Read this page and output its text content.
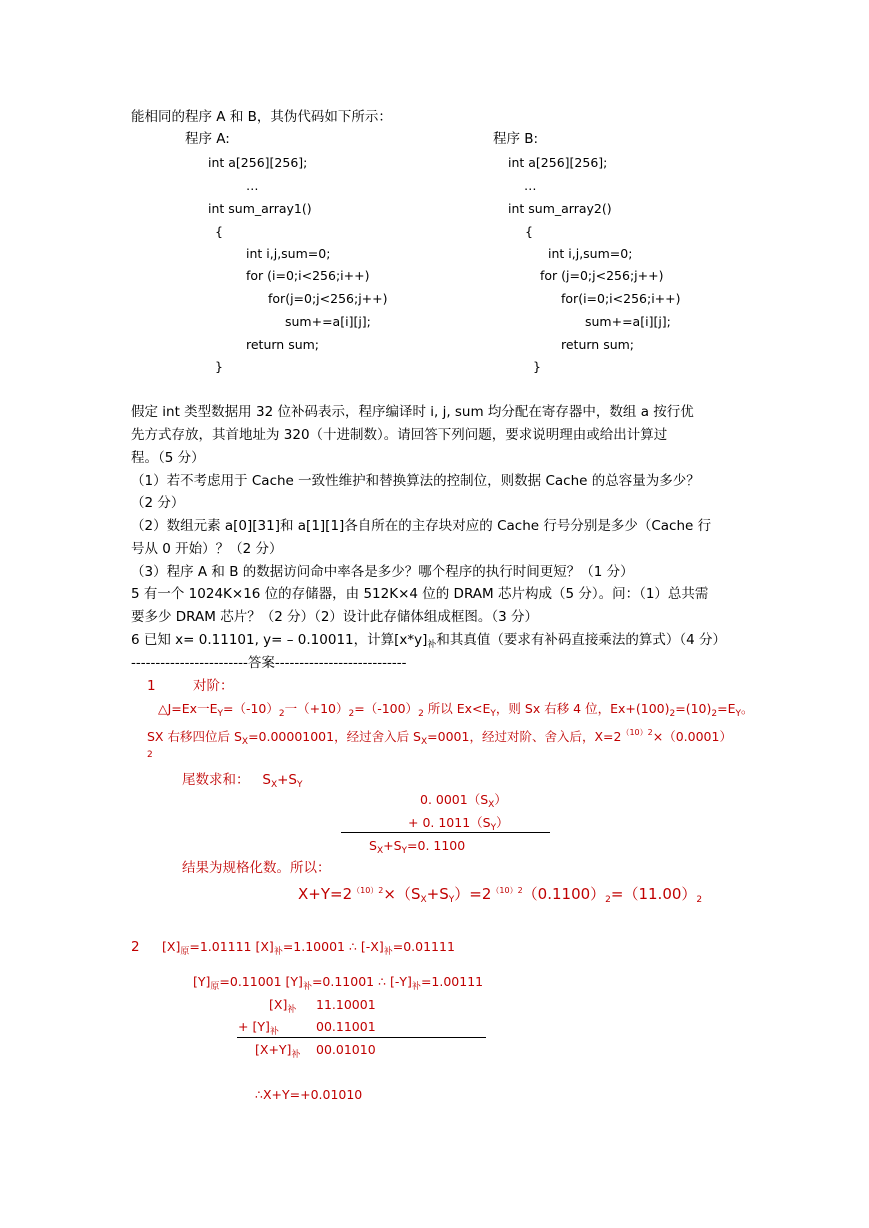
能相同的程序 A 和 B，其伪代码如下所示：
程序 A:
int a[256][256];
…
int sum_array1()
{
int i,j,sum=0;
for (i=0;i<256;i++)
for(j=0;j<256;j++)
sum+=a[i][j];
return sum;
}
程序 B:
int a[256][256];
…
int sum_array2()
{
int i,j,sum=0;
for (j=0;j<256;j++)
for(i=0;i<256;i++)
sum+=a[i][j];
return sum;
}
假定 int 类型数据用 32 位补码表示，程序编译时 i, j, sum 均分配在寄存器中，数组 a 按行优
先方式存放，其首地址为 320（十进制数）。请回答下列问题，要求说明理由或给出计算过
程。（5 分）
（1）若不考虑用于 Cache 一致性维护和替换算法的控制位，则数据 Cache 的总容量为多少？
（2 分）
（2）数组元素 a[0][31]和 a[1][1]各自所在的主存块对应的 Cache 行号分别是多少（Cache 行
号从 0 开始）？（2 分）
（3）程序 A 和 B 的数据访问命中率各是多少？哪个程序的执行时间更短？（1 分）
5 有一个 1024K×16 位的存储器，由 512K×4 位的 DRAM 芯片构成（5 分）。问：（1）总共需
要多少 DRAM 芯片？（2 分）（2）设计此存储体组成框图。（3 分）
6 已知 x= 0.11101, y= – 0.10011，计算$[x*y]_补$和其真值（要求有补码直接乘法的算式）（4 分）
------------------------答案---------------------------
1	对阶：
△J=Ex一$E_Y=(-10)_2$一$(+10)_2=(-100)_2$ 所以 $Ex<E_Y$，则 Sx 右移 4 位，$Ex+(100)_2=(10)_2=E_Y$。
SX 右移四位后 $S_X=0.00001001$，经过舍入后 $S_X=0001$，经过对阶、舍入后，$X=2^{(10)2}\times(0.0001)$
2
尾数求和： $S_X+S_Y$
0. $0001(S_X)$
+ 0. $1011(S_Y)$
$S_X+S_Y=0$. 1100
结果为规格化数。所以：
$X+Y=2^{(10)2}\times(S_X+S_Y)=2^{(10)2}(0.1100)_2=(11.00)_2$
2 $[X]_原=1.01111$ $[X]_补=1.10001$ ∴ $[-X]_补=0.01111$
$[Y]_原=0.11001$ $[Y]_补=0.11001$ ∴ $[-Y]_补=1.00111$
$[X]_补$ 11.10001
+ $[Y]_补$	00.11001
$[X+Y]_补$ 00.01010
∴X+Y=+0.01010
